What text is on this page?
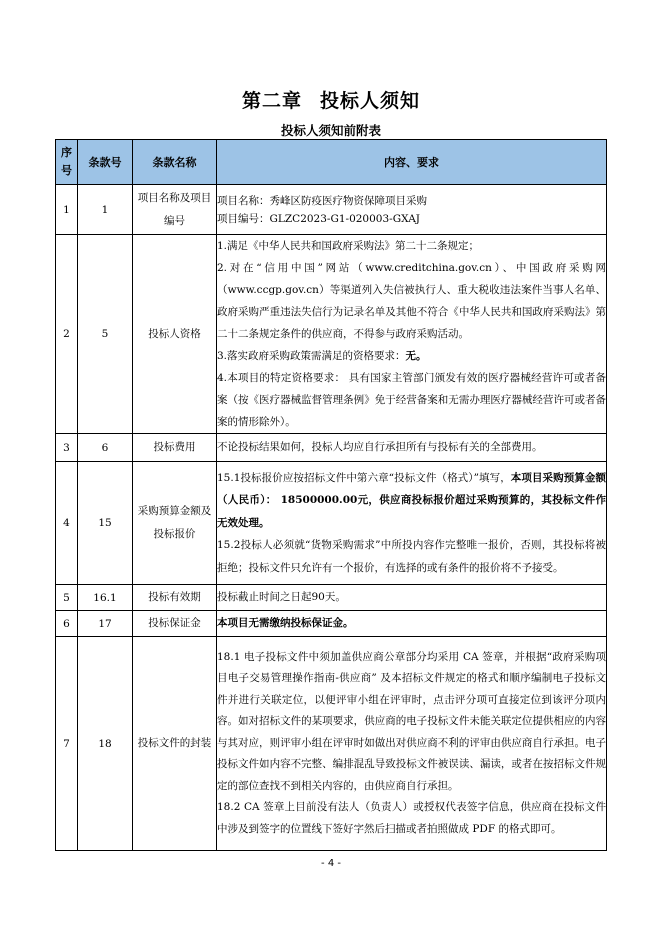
第二章 投标人须知
投标人须知前附表
序号	条款号	条款名称	内容、要求
1	1	项目名称及项目编号	项目名称：秀峰区防疫医疗物资保障项目采购

项目编号：GLZC2023-G1-020003-GXAJ

2	5	投标人资格	1.满足《中华人民共和国政府采购法》第二十二条规定；

2.对在“信用中国”网站（www.creditchina.gov.cn）、中国政府采购网（www.ccgp.gov.cn）等渠道列入失信被执行人、重大税收违法案件当事人名单、政府采购严重违法失信行为记录名单及其他不符合《中华人民共和国政府采购法》第二十二条规定条件的供应商，不得参与政府采购活动。

3.落实政府采购政策需满足的资格要求：无。

4.本项目的特定资格要求： 具有国家主管部门颁发有效的医疗器械经营许可或者备案（按《医疗器械监督管理条例》免于经营备案和无需办理医疗器械经营许可或者备案的情形除外）。

3	6	投标费用	不论投标结果如何，投标人均应自行承担所有与投标有关的全部费用。
4	15	采购预算金额及投标报价	15.1投标报价应按招标文件中第六章“投标文件（格式）”填写，本项目采购预算金额（人民币）： 18500000.00元，供应商投标报价超过采购预算的，其投标文件作无效处理。

15.2投标人必须就“货物采购需求”中所投内容作完整唯一报价，否则，其投标将被拒绝；投标文件只允许有一个报价，有选择的或有条件的报价将不予接受。

5	16.1	投标有效期	投标截止时间之日起90天。
6	17	投标保证金	本项目无需缴纳投标保证金。
7	18	投标文件的封装	18.1 电子投标文件中须加盖供应商公章部分均采用 CA 签章，并根据“政府采购项目电子交易管理操作指南-供应商” 及本招标文件规定的格式和顺序编制电子投标文件并进行关联定位，以便评审小组在评审时，点击评分项可直接定位到该评分项内容。如对招标文件的某项要求，供应商的电子投标文件未能关联定位提供相应的内容与其对应，则评审小组在评审时如做出对供应商不利的评审由供应商自行承担。电子投标文件如内容不完整、编排混乱导致投标文件被误读、漏读，或者在按招标文件规定的部位查找不到相关内容的，由供应商自行承担。

18.2 CA 签章上目前没有法人（负责人）或授权代表签字信息，供应商在投标文件中涉及到签字的位置线下签好字然后扫描或者拍照做成 PDF 的格式即可。

- 4 -
